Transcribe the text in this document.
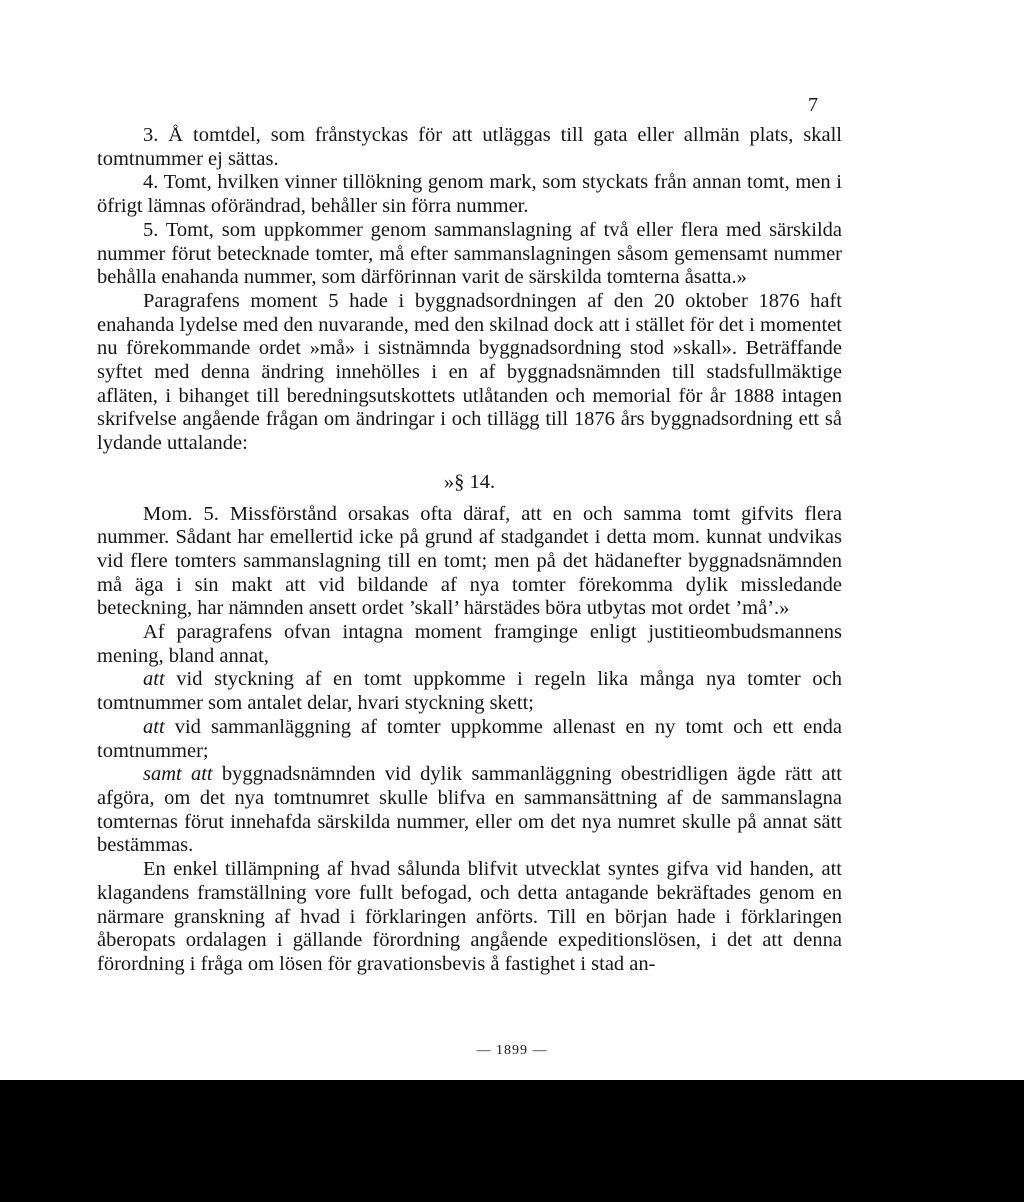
7

3. Å tomtdel, som frånstyckas för att utläggas till gata eller allmän plats, skall tomtnummer ej sättas.

4. Tomt, hvilken vinner tillökning genom mark, som styckats från annan tomt, men i öfrigt lämnas oförändrad, behåller sin förra nummer.

5. Tomt, som uppkommer genom sammanslagning af två eller flera med särskilda nummer förut betecknade tomter, må efter sammanslagningen såsom gemensamt nummer behålla enahanda nummer, som därförinnan varit de särskilda tomterna åsatta.»

Paragrafens moment 5 hade i byggnadsordningen af den 20 oktober 1876 haft enahanda lydelse med den nuvarande, med den skilnad dock att i stället för det i momentet nu förekommande ordet »må» i sistnämnda byggnadsordning stod »skall». Beträffande syftet med denna ändring innehölles i en af byggnadsnämnden till stadsfullmäktige afläten, i bihanget till beredningsutskottets utlåtanden och memorial för år 1888 intagen skrifvelse angående frågan om ändringar i och tillägg till 1876 års byggnadsordning ett så lydande uttalande:

»§ 14.

Mom. 5. Missförstånd orsakas ofta däraf, att en och samma tomt gifvits flera nummer. Sådant har emellertid icke på grund af stadgandet i detta mom. kunnat undvikas vid flere tomters sammanslagning till en tomt; men på det hädanefter byggnadsnämnden må äga i sin makt att vid bildande af nya tomter förekomma dylik missledande beteckning, har nämnden ansett ordet ’skall’ härstädes böra utbytas mot ordet ’må’.»

Af paragrafens ofvan intagna moment framginge enligt justitieombudsmannens mening, bland annat,

att vid styckning af en tomt uppkomme i regeln lika många nya tomter och tomtnummer som antalet delar, hvari styckning skett;

att vid sammanläggning af tomter uppkomme allenast en ny tomt och ett enda tomtnummer;

samt att byggnadsnämnden vid dylik sammanläggning obestridligen ägde rätt att afgöra, om det nya tomtnumret skulle blifva en sammansättning af de sammanslagna tomternas förut innehafda särskilda nummer, eller om det nya numret skulle på annat sätt bestämmas.

En enkel tillämpning af hvad sålunda blifvit utvecklat syntes gifva vid handen, att klagandens framställning vore fullt befogad, och detta antagande bekräftades genom en närmare granskning af hvad i förklaringen anförts. Till en början hade i förklaringen åberopats ordalagen i gällande förordning angående expeditionslösen, i det att denna förordning i fråga om lösen för gravationsbevis å fastighet i stad an-

— 1899 —
